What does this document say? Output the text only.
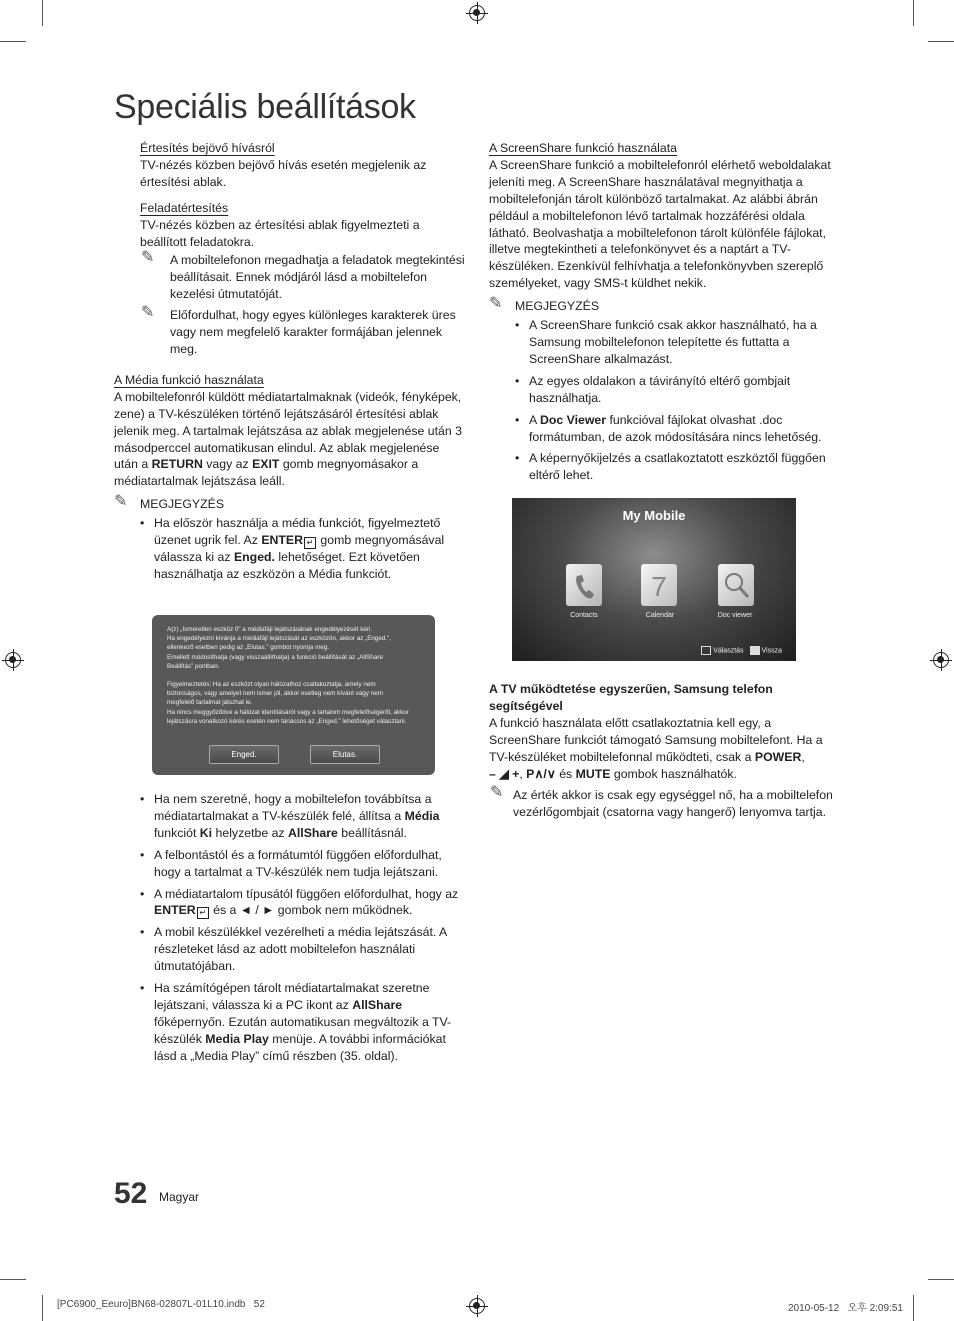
Speciális beállítások

Értesítés bejövő hívásról

TV-nézés közben bejövő hívás esetén megjelenik az értesítési ablak.

Feladatértesítés

TV-nézés közben az értesítési ablak figyelmezteti a beállított feladatokra.

✎ A mobiltelefonon megadhatja a feladatok megtekintési beállításait. Ennek módjáról lásd a mobiltelefon kezelési útmutatóját.
✎ Előfordulhat, hogy egyes különleges karakterek üres vagy nem megfelelő karakter formájában jelennek meg.

A Média funkció használata

A mobiltelefonról küldött médiatartalmaknak (videók, fényképek, zene) a TV-készüléken történő lejátszásáról értesítési ablak jelenik meg. A tartalmak lejátszása az ablak megjelenése után 3 másodperccel automatikusan elindul. Az ablak megjelenése után a RETURN vagy az EXIT gomb megnyomásakor a médiatartalmak lejátszása leáll.

✎ MEGJEGYZÉS
• Ha először használja a média funkciót, figyelmeztető üzenet ugrik fel. Az ENTER ↵ gomb megnyomásával válassza ki az Enged. lehetőséget. Ezt követően használhatja az eszközön a Média funkciót.

A(z) „Ismeretlen eszköz 0” a médiafájl lejátszásának engedélyezését kéri.

Ha engedélyezni kívánja a médiafájl lejátszását az eszközön, akkor az „Enged.”,

ellenkező esetben pedig az „Elutas.” gombot nyomja meg.

Emellett módosíthatja (vagy visszaállíthatja) a funkció beállítását az „AllShare

Beállítás” pontban.

Figyelmeztetés: Ha az eszközt olyan hálózathoz csatlakoztatja, amely nem

biztonságos, vagy amelyet nem ismer jól, akkor esetleg nem kívánt vagy nem

megfelelő tartalmat játszhat le.

Ha nincs meggyőződve a hálózat identitásáról vagy a tartalom megfelelőségéről, akkor

lejátszásra vonatkozó kérés esetén nem tanácsos az „Enged.” lehetőséget választani.

Enged.	Elutas.
• Ha nem szeretné, hogy a mobiltelefon továbbítsa a médiatartalmakat a TV-készülék felé, állítsa a Média funkciót Ki helyzetbe az AllShare beállításnál.
• A felbontástól és a formátumtól függően előfordulhat, hogy a tartalmat a TV-készülék nem tudja lejátszani.
• A médiatartalom típusától függően előfordulhat, hogy az ENTER ↵ és a ◄ / ► gombok nem működnek.
• A mobil készülékkel vezérelheti a média lejátszását. A részleteket lásd az adott mobiltelefon használati útmutatójában.
• Ha számítógépen tárolt médiatartalmakat szeretne lejátszani, válassza ki a PC ikont az AllShare főképernyőn. Ezután automatikusan megváltozik a TV-készülék Media Play menüje. A további információkat lásd a „Media Play” című részben (35. oldal).

A ScreenShare funkció használata

A ScreenShare funkció a mobiltelefonról elérhető weboldalakat jeleníti meg. A ScreenShare használatával megnyithatja a mobiltelefonján tárolt különböző tartalmakat. Az alábbi ábrán például a mobiltelefonon lévő tartalmak hozzáférési oldala látható. Beolvashatja a mobiltelefonon tárolt különféle fájlokat, illetve megtekintheti a telefonkönyvet és a naptárt a TV-készüléken. Ezenkívül felhívhatja a telefonkönyvben szereplő személyeket, vagy SMS-t küldhet nekik.

✎ MEGJEGYZÉS
• A ScreenShare funkció csak akkor használható, ha a Samsung mobiltelefonon telepítette és futtatta a ScreenShare alkalmazást.
• Az egyes oldalakon a távirányító eltérő gombjait használhatja.
• A Doc Viewer funkcióval fájlokat olvashat .doc formátumban, de azok módosítására nincs lehetőség.
• A képernyőkijelzés a csatlakoztatott eszköztől függően eltérő lehet.
My Mobile
7
Contacts	Calendar	Doc viewer
Választás	Vissza

A TV működtetése egyszerűen, Samsung telefon segítségével

A funkció használata előtt csatlakoztatnia kell egy, a ScreenShare funkciót támogató Samsung mobiltelefont. Ha a TV-készüléket mobiltelefonnal működteti, csak a POWER,
– ◢ +, P∧/∨ és MUTE gombok használhatók.

✎ Az érték akkor is csak egy egységgel nő, ha a mobiltelefon vezérlőgombjait (csatorna vagy hangerő) lenyomva tartja.
52 Magyar
[PC6900_Eeuro]BN68-02807L-01L10.indb   52	2010-05-12   오후 2:09:51
